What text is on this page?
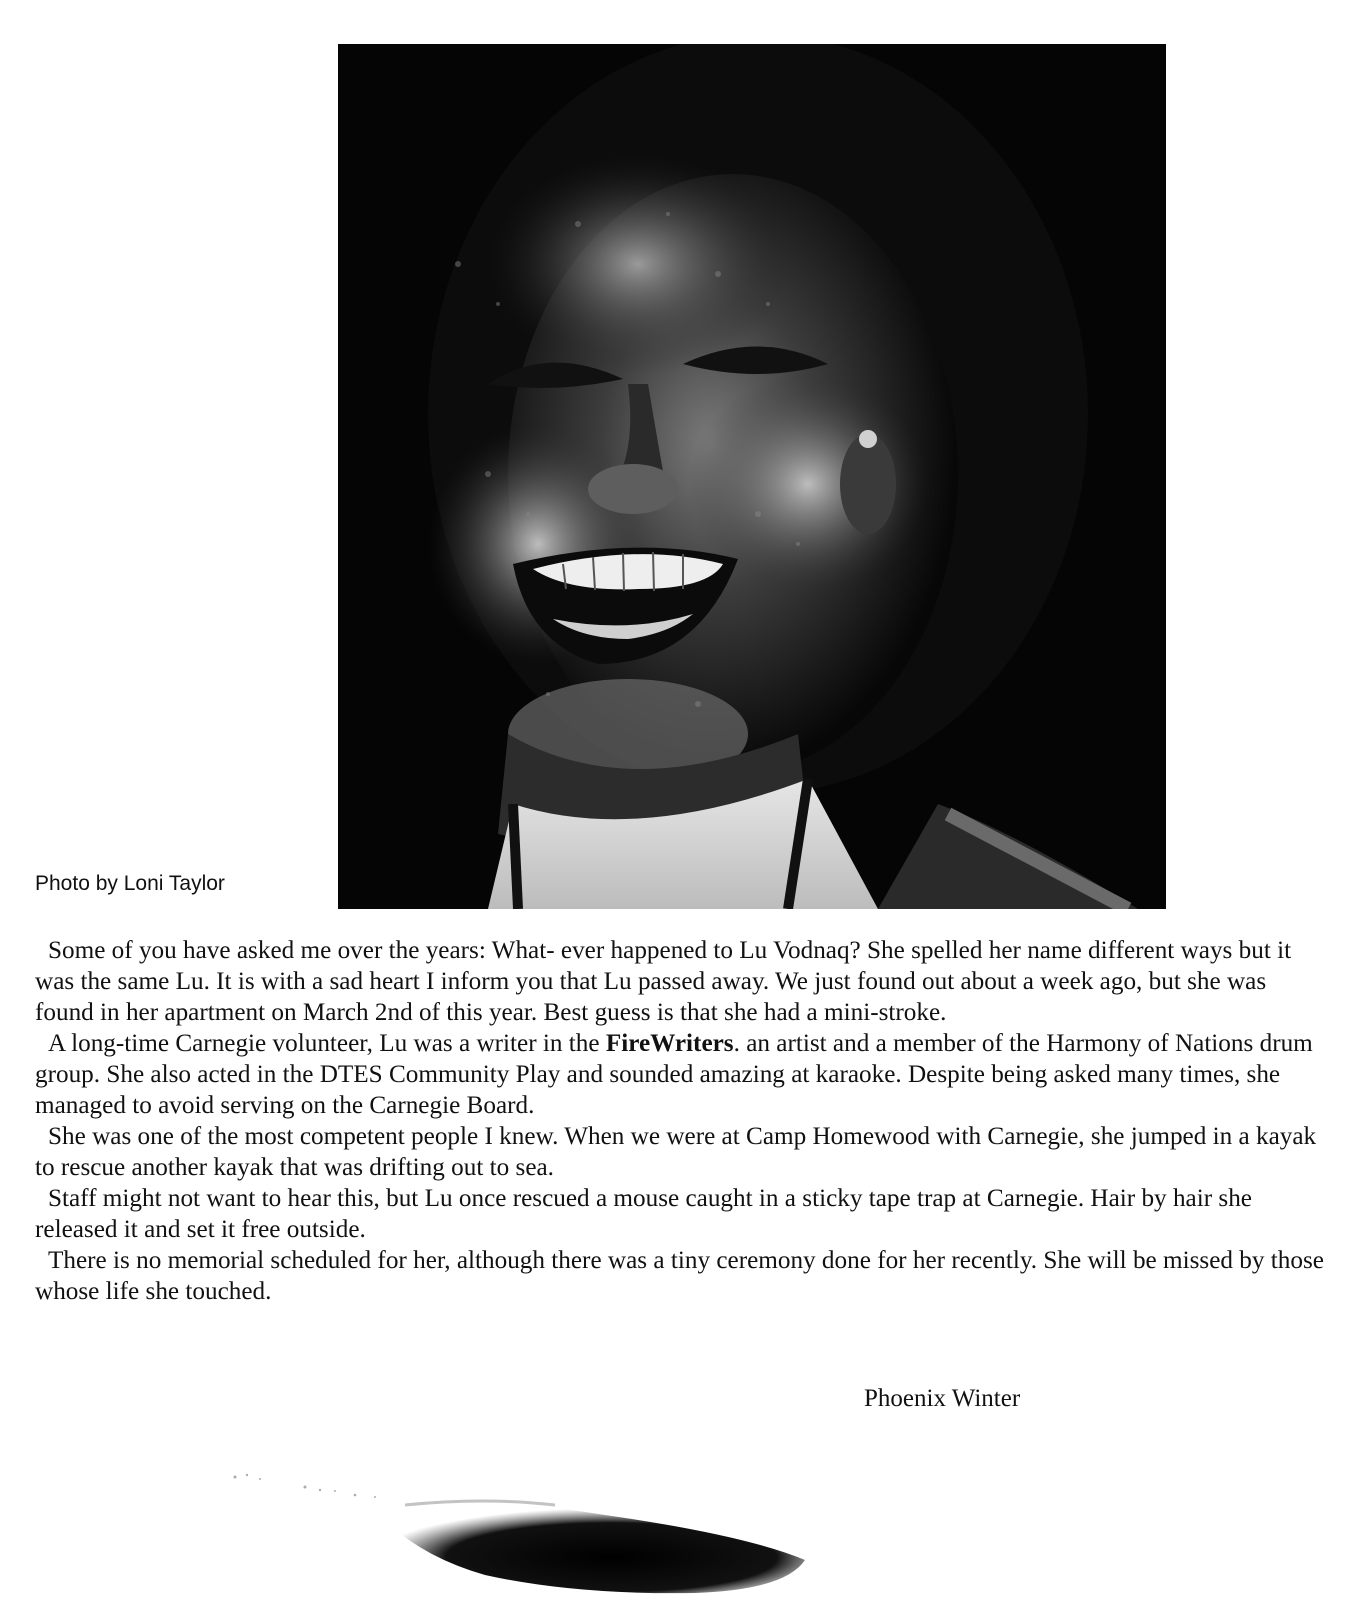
Photo by Loni Taylor

Some of you have asked me over the years: What- ever happened to Lu Vodnaq? She spelled her name different ways but it was the same Lu. It is with a sad heart I inform you that Lu passed away. We just found out about a week ago, but she was found in her apartment on March 2nd of this year. Best guess is that she had a mini-stroke.

A long-time Carnegie volunteer, Lu was a writer in the FireWriters. an artist and a member of the Harmony of Nations drum group. She also acted in the DTES Community Play and sounded amazing at karaoke. Despite being asked many times, she managed to avoid serving on the Carnegie Board.

She was one of the most competent people I knew. When we were at Camp Homewood with Carnegie, she jumped in a kayak to rescue another kayak that was drifting out to sea.

Staff might not want to hear this, but Lu once rescued a mouse caught in a sticky tape trap at Carnegie. Hair by hair she released it and set it free outside.

There is no memorial scheduled for her, although there was a tiny ceremony done for her recently. She will be missed by those whose life she touched.

Phoenix Winter
